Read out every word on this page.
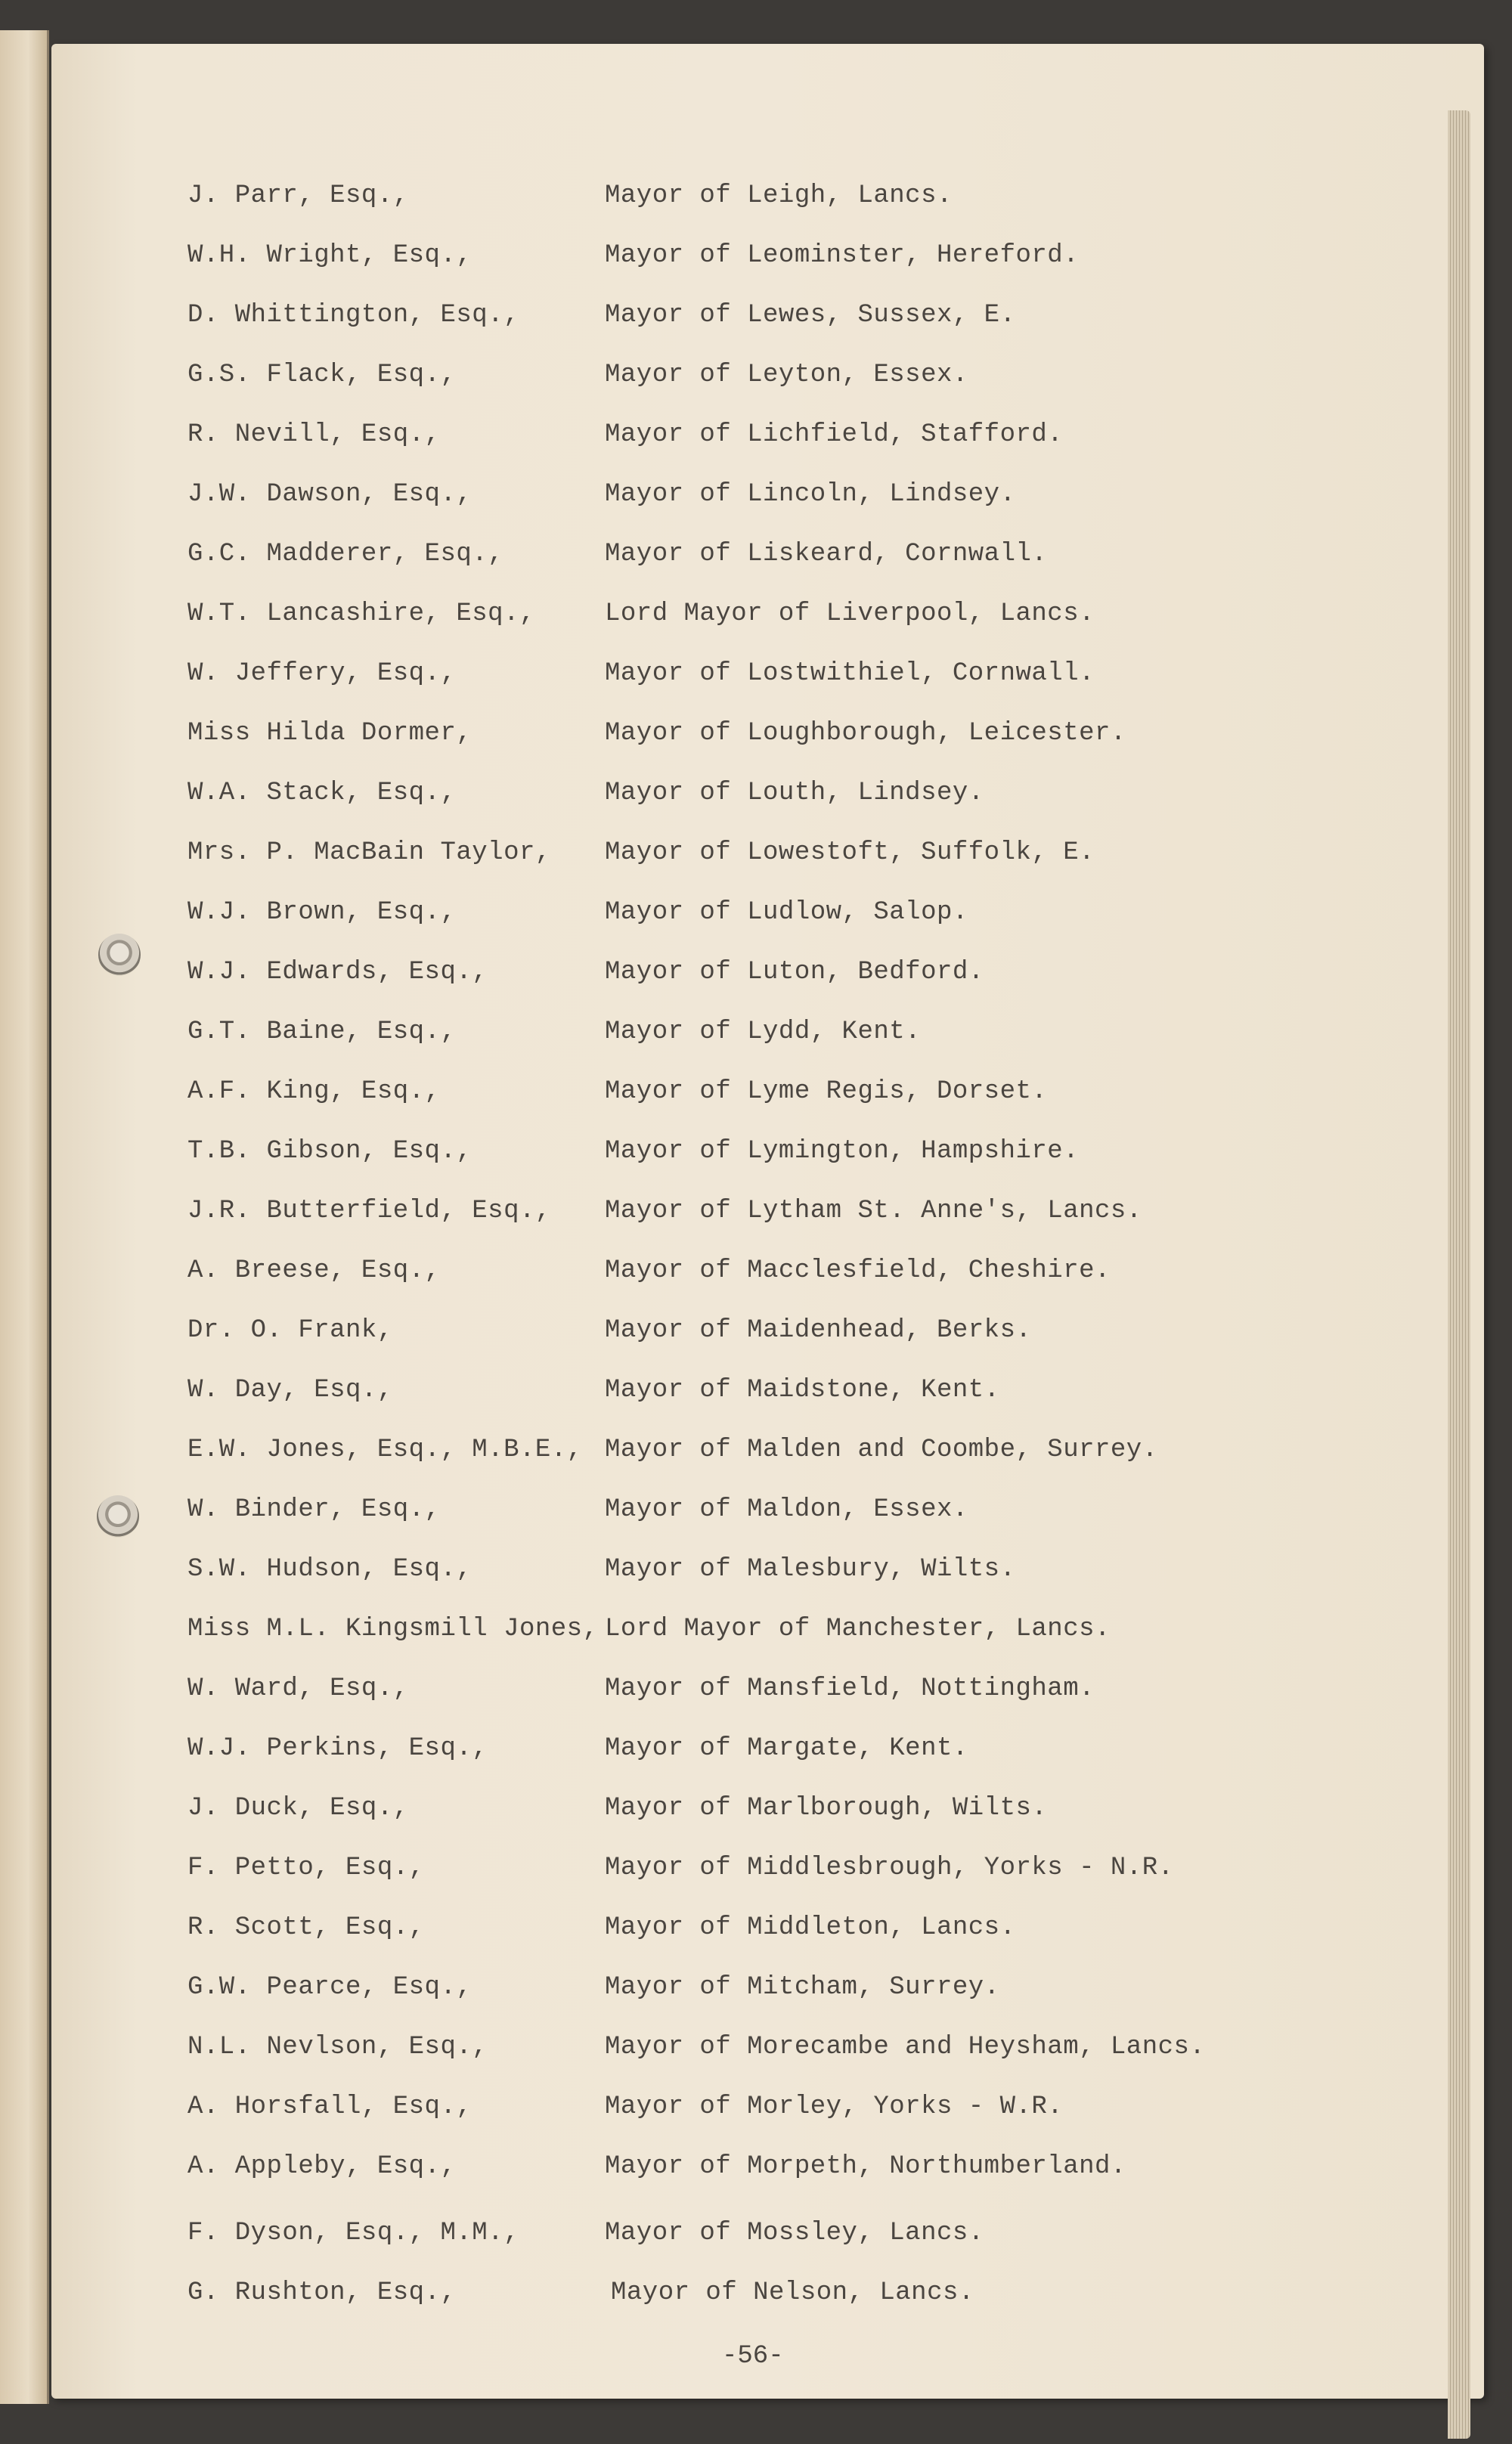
J. Parr, Esq.,	Mayor of Leigh, Lancs.
W.H. Wright, Esq.,	Mayor of Leominster, Hereford.
D. Whittington, Esq.,	Mayor of Lewes, Sussex, E.
G.S. Flack, Esq.,	Mayor of Leyton, Essex.
R. Nevill, Esq.,	Mayor of Lichfield, Stafford.
J.W. Dawson, Esq.,	Mayor of Lincoln, Lindsey.
G.C. Madderer, Esq.,	Mayor of Liskeard, Cornwall.
W.T. Lancashire, Esq.,	Lord Mayor of Liverpool, Lancs.
W. Jeffery, Esq.,	Mayor of Lostwithiel, Cornwall.
Miss Hilda Dormer,	Mayor of Loughborough, Leicester.
W.A. Stack, Esq.,	Mayor of Louth, Lindsey.
Mrs. P. MacBain Taylor, Mayor of Lowestoft, Suffolk, E.
W.J. Brown, Esq.,	Mayor of Ludlow, Salop.
W.J. Edwards, Esq.,	Mayor of Luton, Bedford.
G.T. Baine, Esq.,	Mayor of Lydd, Kent.
A.F. King, Esq.,	Mayor of Lyme Regis, Dorset.
T.B. Gibson, Esq.,	Mayor of Lymington, Hampshire.
J.R. Butterfield, Esq., Mayor of Lytham St. Anne's, Lancs.
A. Breese, Esq.,	Mayor of Macclesfield, Cheshire.
Dr. O. Frank,	Mayor of Maidenhead, Berks.
W. Day, Esq.,	Mayor of Maidstone, Kent.
E.W. Jones, Esq., M.B.E., Mayor of Malden and Coombe, Surrey.
W. Binder, Esq.,	Mayor of Maldon, Essex.
S.W. Hudson, Esq.,	Mayor of Malesbury, Wilts.
Miss M.L. Kingsmill Jones, Lord Mayor of Manchester, Lancs.
W. Ward, Esq.,	Mayor of Mansfield, Nottingham.
W.J. Perkins, Esq.,	Mayor of Margate, Kent.
J. Duck, Esq.,	Mayor of Marlborough, Wilts.
F. Petto, Esq.,	Mayor of Middlesbrough, Yorks - N.R.
R. Scott, Esq.,	Mayor of Middleton, Lancs.
G.W. Pearce, Esq.,	Mayor of Mitcham, Surrey.
N.L. Nevlson, Esq.,	Mayor of Morecambe and Heysham, Lancs.
A. Horsfall, Esq.,	Mayor of Morley, Yorks - W.R.
A. Appleby, Esq.,	Mayor of Morpeth, Northumberland.
F. Dyson, Esq., M.M.,	Mayor of Mossley, Lancs.
G. Rushton, Esq.,	Mayor of Nelson, Lancs.
-56-
